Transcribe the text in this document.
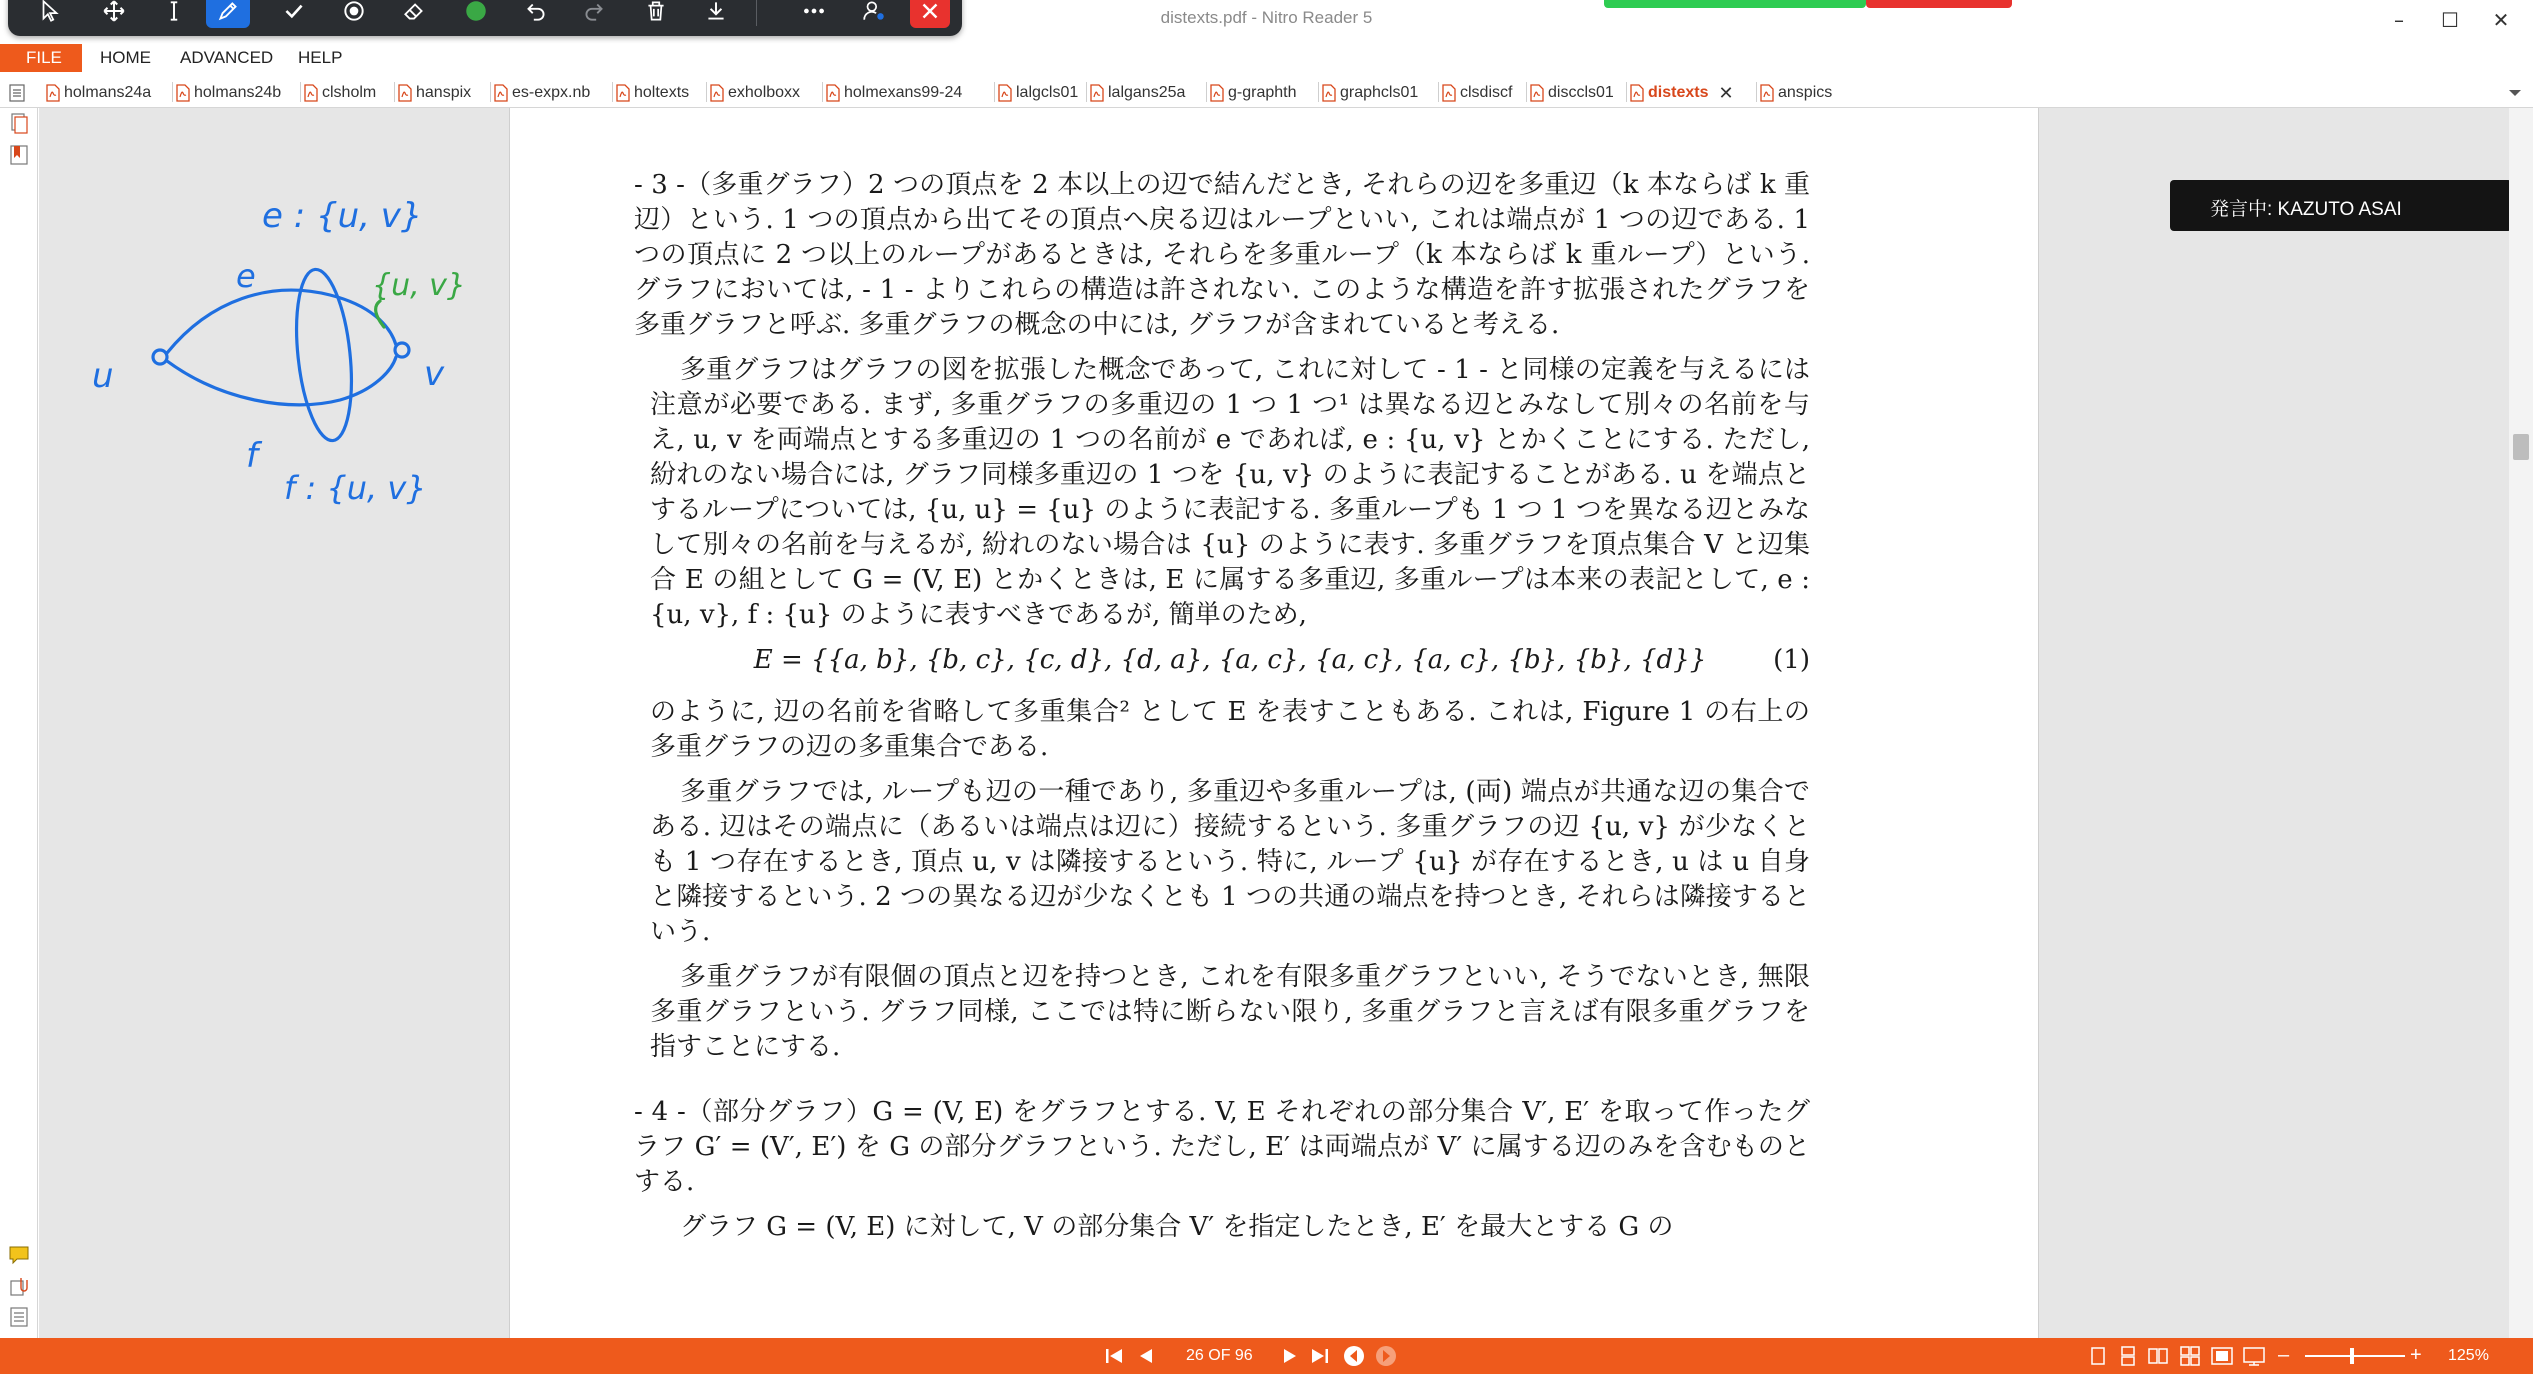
distexts.pdf - Nitro Reader 5	–	☐	✕
FILE	HOME ADVANCED HELP
holmans24a	holmans24b	clsholm hanspix	es-expx.nb	holtexts exholboxx	holmexans99-24	lalgcls01 lalgans25a	g-graphth	graphcls01	clsdiscf disccls01 distexts ✕	anspics
e : {u, v}
e	{u, v}
u	v
f
f : {u, v}

- 3 -（多重グラフ）2 つの頂点を 2 本以上の辺で結んだとき, それらの辺を多重辺（k 本ならば k 重辺）という. 1 つの頂点から出てその頂点へ戻る辺はループといい, これは端点が 1 つの辺である. 1 つの頂点に 2 つ以上のループがあるときは, それらを多重ループ（k 本ならば k 重ループ）という. グラフにおいては, - 1 - よりこれらの構造は許されない. このような構造を許す拡張されたグラフを多重グラフと呼ぶ. 多重グラフの概念の中には, グラフが含まれていると考える.

多重グラフはグラフの図を拡張した概念であって, これに対して - 1 - と同様の定義を与えるには注意が必要である. まず, 多重グラフの多重辺の 1 つ 1 つ¹ は異なる辺とみなして別々の名前を与え, u, v を両端点とする多重辺の 1 つの名前が e であれば, e : {u, v} とかくことにする. ただし, 紛れのない場合には, グラフ同様多重辺の 1 つを {u, v} のように表記することがある. u を端点とするループについては, {u, u} = {u} のように表記する. 多重ループも 1 つ 1 つを異なる辺とみなして別々の名前を与えるが, 紛れのない場合は {u} のように表す. 多重グラフを頂点集合 V と辺集合 E の組として G = (V, E) とかくときは, E に属する多重辺, 多重ループは本来の表記として, e : {u, v}, f : {u} のように表すべきであるが, 簡単のため,

E = {{a, b}, {b, c}, {c, d}, {d, a}, {a, c}, {a, c}, {a, c}, {b}, {b}, {d}}	(1)

のように, 辺の名前を省略して多重集合² として E を表すこともある. これは, Figure 1 の右上の多重グラフの辺の多重集合である.

多重グラフでは, ループも辺の一種であり, 多重辺や多重ループは, (両) 端点が共通な辺の集合である. 辺はその端点に（あるいは端点は辺に）接続するという. 多重グラフの辺 {u, v} が少なくとも 1 つ存在するとき, 頂点 u, v は隣接するという. 特に, ループ {u} が存在するとき, u は u 自身と隣接するという. 2 つの異なる辺が少なくとも 1 つの共通の端点を持つとき, それらは隣接するという.

多重グラフが有限個の頂点と辺を持つとき, これを有限多重グラフといい, そうでないとき, 無限多重グラフという. グラフ同様, ここでは特に断らない限り, 多重グラフと言えば有限多重グラフを指すことにする.

- 4 -（部分グラフ）G = (V, E) をグラフとする. V, E それぞれの部分集合 V′, E′ を取って作ったグラフ G′ = (V′, E′) を G の部分グラフという. ただし, E′ は両端点が V′ に属する辺のみを含むものとする.

グラフ G = (V, E) に対して, V の部分集合 V′ を指定したとき, E′ を最大とする G の

発言中: KAZUTO ASAI
26 OF 96	–	+ 125%
